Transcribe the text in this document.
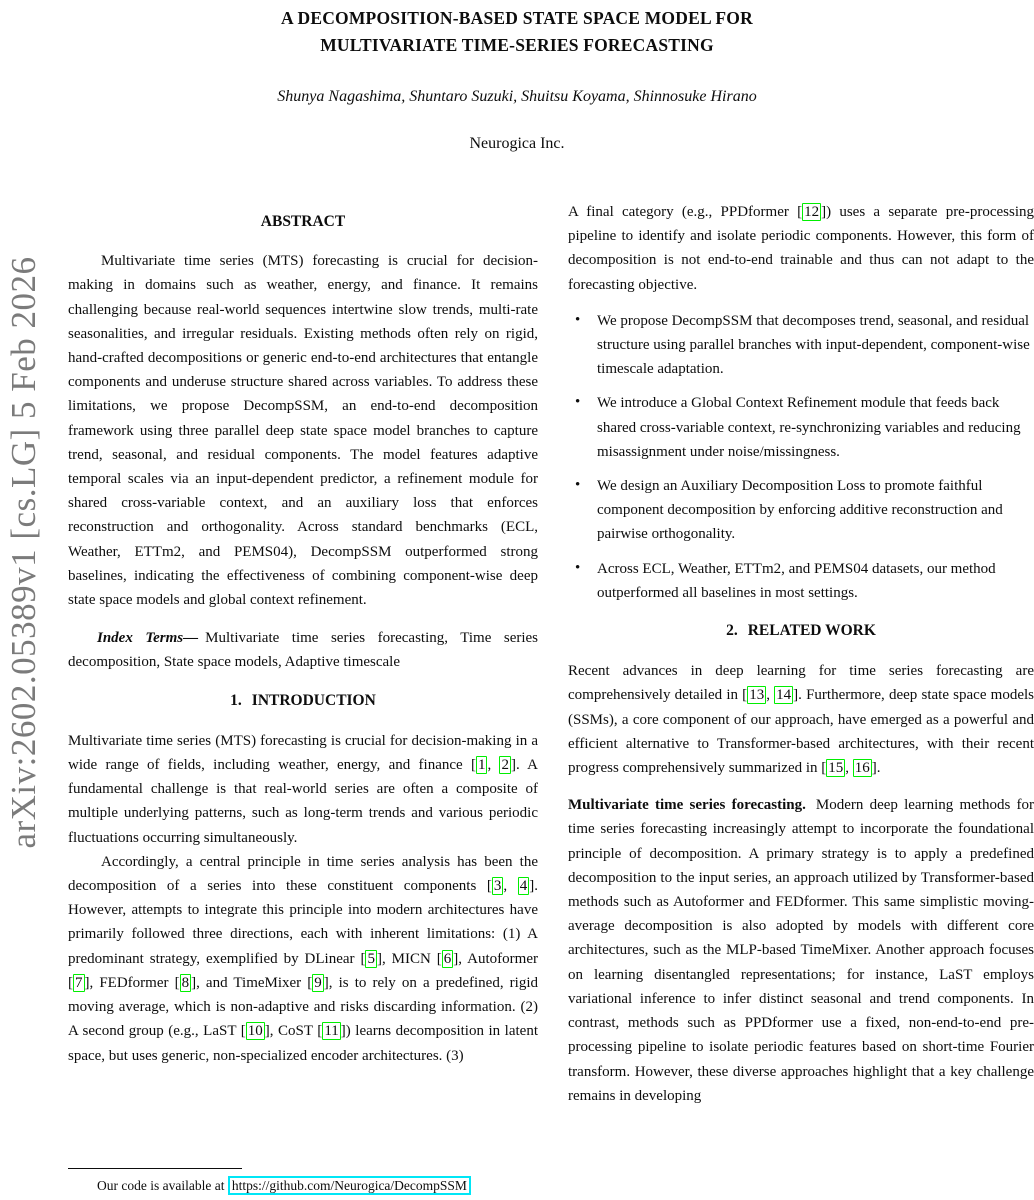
arXiv:2602.05389v1 [cs.LG] 5 Feb 2026
A DECOMPOSITION-BASED STATE SPACE MODEL FOR
MULTIVARIATE TIME-SERIES FORECASTING
Shunya Nagashima, Shuntaro Suzuki, Shuitsu Koyama, Shinnosuke Hirano
Neurogica Inc.
ABSTRACT

Multivariate time series (MTS) forecasting is crucial for decision-making in domains such as weather, energy, and finance. It remains challenging because real-world sequences intertwine slow trends, multi-rate seasonalities, and irregular residuals. Existing methods often rely on rigid, hand-crafted decompositions or generic end-to-end architectures that entangle components and underuse structure shared across variables. To address these limitations, we propose DecompSSM, an end-to-end decomposition framework using three parallel deep state space model branches to capture trend, seasonal, and residual components. The model features adaptive temporal scales via an input-dependent predictor, a refinement module for shared cross-variable context, and an auxiliary loss that enforces reconstruction and orthogonality. Across standard benchmarks (ECL, Weather, ETTm2, and PEMS04), DecompSSM outperformed strong baselines, indicating the effectiveness of combining component-wise deep state space models and global context refinement.

Index Terms— Multivariate time series forecasting, Time series decomposition, State space models, Adaptive timescale

1. INTRODUCTION

Multivariate time series (MTS) forecasting is crucial for decision-making in a wide range of fields, including weather, energy, and finance [ 1 , 2 ]. A fundamental challenge is that real-world series are often a composite of multiple underlying patterns, such as long-term trends and various periodic fluctuations occurring simultaneously.

Accordingly, a central principle in time series analysis has been the decomposition of a series into these constituent components [ 3 , 4 ]. However, attempts to integrate this principle into modern architectures have primarily followed three directions, each with inherent limitations: (1) A predominant strategy, exemplified by DLinear [ 5 ], MICN [ 6 ], Autoformer [ 7 ], FEDformer [ 8 ], and TimeMixer [ 9 ], is to rely on a predefined, rigid moving average, which is non-adaptive and risks discarding information. (2) A second group (e.g., LaST [ 10 ], CoST [ 11 ]) learns decomposition in latent space, but uses generic, non-specialized encoder architectures. (3)

A final category (e.g., PPDformer [ 12 ]) uses a separate pre-processing pipeline to identify and isolate periodic components. However, this form of decomposition is not end-to-end trainable and thus can not adapt to the forecasting objective.

• We propose DecompSSM that decomposes trend, seasonal, and residual structure using parallel branches with input-dependent, component-wise timescale adaptation.
• We introduce a Global Context Refinement module that feeds back shared cross-variable context, re-synchronizing variables and reducing misassignment under noise/missingness.
• We design an Auxiliary Decomposition Loss to promote faithful component decomposition by enforcing additive reconstruction and pairwise orthogonality.
• Across ECL, Weather, ETTm2, and PEMS04 datasets, our method outperformed all baselines in most settings.
2. RELATED WORK

Recent advances in deep learning for time series forecasting are comprehensively detailed in [ 13 , 14 ]. Furthermore, deep state space models (SSMs), a core component of our approach, have emerged as a powerful and efficient alternative to Transformer-based architectures, with their recent progress comprehensively summarized in [ 15 , 16 ].

Multivariate time series forecasting. Modern deep learning methods for time series forecasting increasingly attempt to incorporate the foundational principle of decomposition. A primary strategy is to apply a predefined decomposition to the input series, an approach utilized by Transformer-based methods such as Autoformer and FEDformer. This same simplistic moving-average decomposition is also adopted by models with different core architectures, such as the MLP-based TimeMixer. Another approach focuses on learning disentangled representations; for instance, LaST employs variational inference to infer distinct seasonal and trend components. In contrast, methods such as PPDformer use a fixed, non-end-to-end pre-processing pipeline to isolate periodic features based on short-time Fourier transform. However, these diverse approaches highlight that a key challenge remains in developing

Our code is available at https://github.com/Neurogica/DecompSSM
